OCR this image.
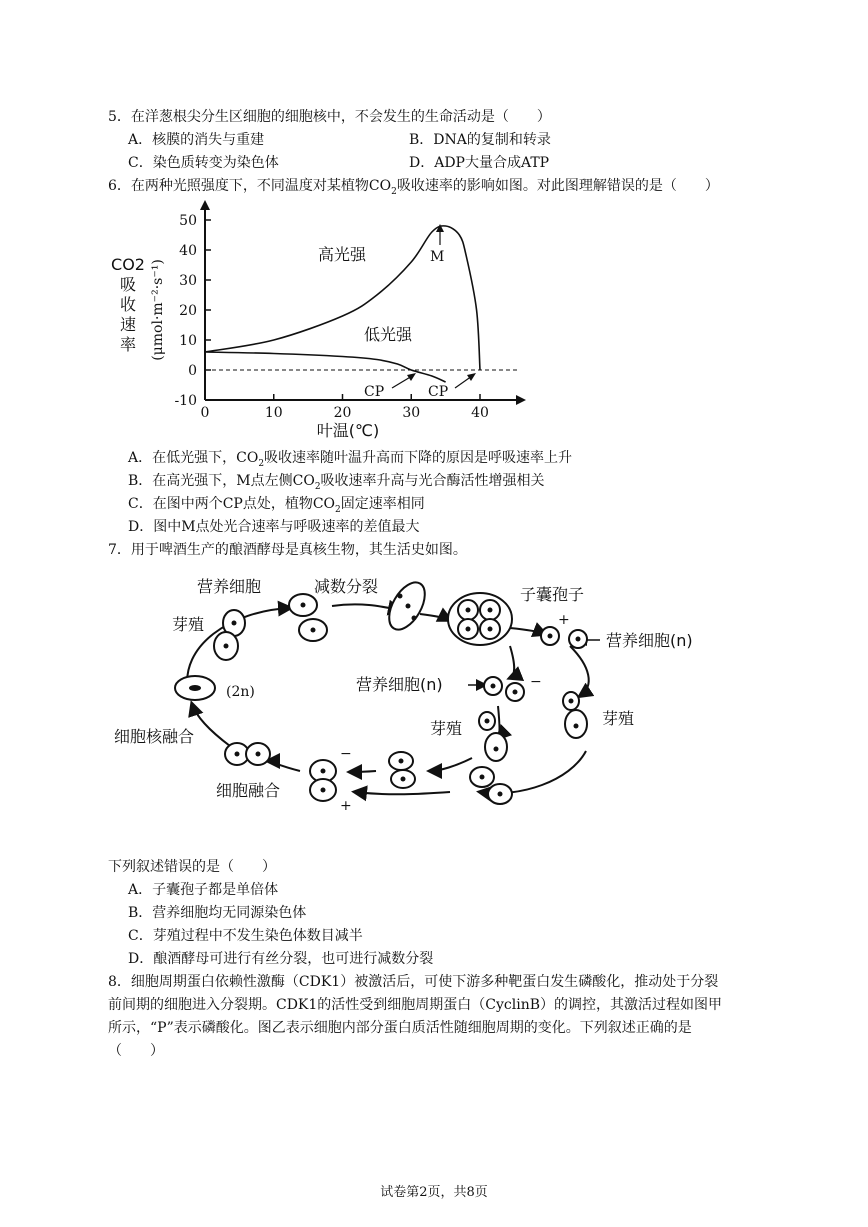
5．在洋葱根尖分生区细胞的细胞核中，不会发生的生命活动是（　　）
A．核膜的消失与重建	B．DNA的复制和转录
C．染色质转变为染色体	D．ADP大量合成ATP
6．在两种光照强度下，不同温度对某植物$CO_2$吸收速率的影响如图。对此图理解错误的是（　　）
50
40
30
20
10
0
-10
0	10	20	30	40
CO2
吸
收
速
率 (μmol·m⁻²·s⁻¹)
叶温(℃)
高光强
低光强
M
CP	CP
A．在低光强下，$CO_2$吸收速率随叶温升高而下降的原因是呼吸速率上升
B．在高光强下，M点左侧$CO_2$吸收速率升高与光合酶活性增强相关
C．在图中两个CP点处，植物$CO_2$固定速率相同
D．图中M点处光合速率与呼吸速率的差值最大
7．用于啤酒生产的酿酒酵母是真核生物，其生活史如图。
营养细胞	减数分裂	子囊孢子
芽殖
营养细胞(n)
营养细胞(n)
(2n)
芽殖
芽殖
细胞核融合
细胞融合
+
−
−
+
下列叙述错误的是（　　）
A．子囊孢子都是单倍体
B．营养细胞均无同源染色体
C．芽殖过程中不发生染色体数目减半
D．酿酒酵母可进行有丝分裂，也可进行减数分裂
8．细胞周期蛋白依赖性激酶（CDK1）被激活后，可使下游多种靶蛋白发生磷酸化，推动处于分裂
前间期的细胞进入分裂期。CDK1的活性受到细胞周期蛋白（CyclinB）的调控，其激活过程如图甲
所示，“P”表示磷酸化。图乙表示细胞内部分蛋白质活性随细胞周期的变化。下列叙述正确的是
（　　）
试卷第2页，共8页
